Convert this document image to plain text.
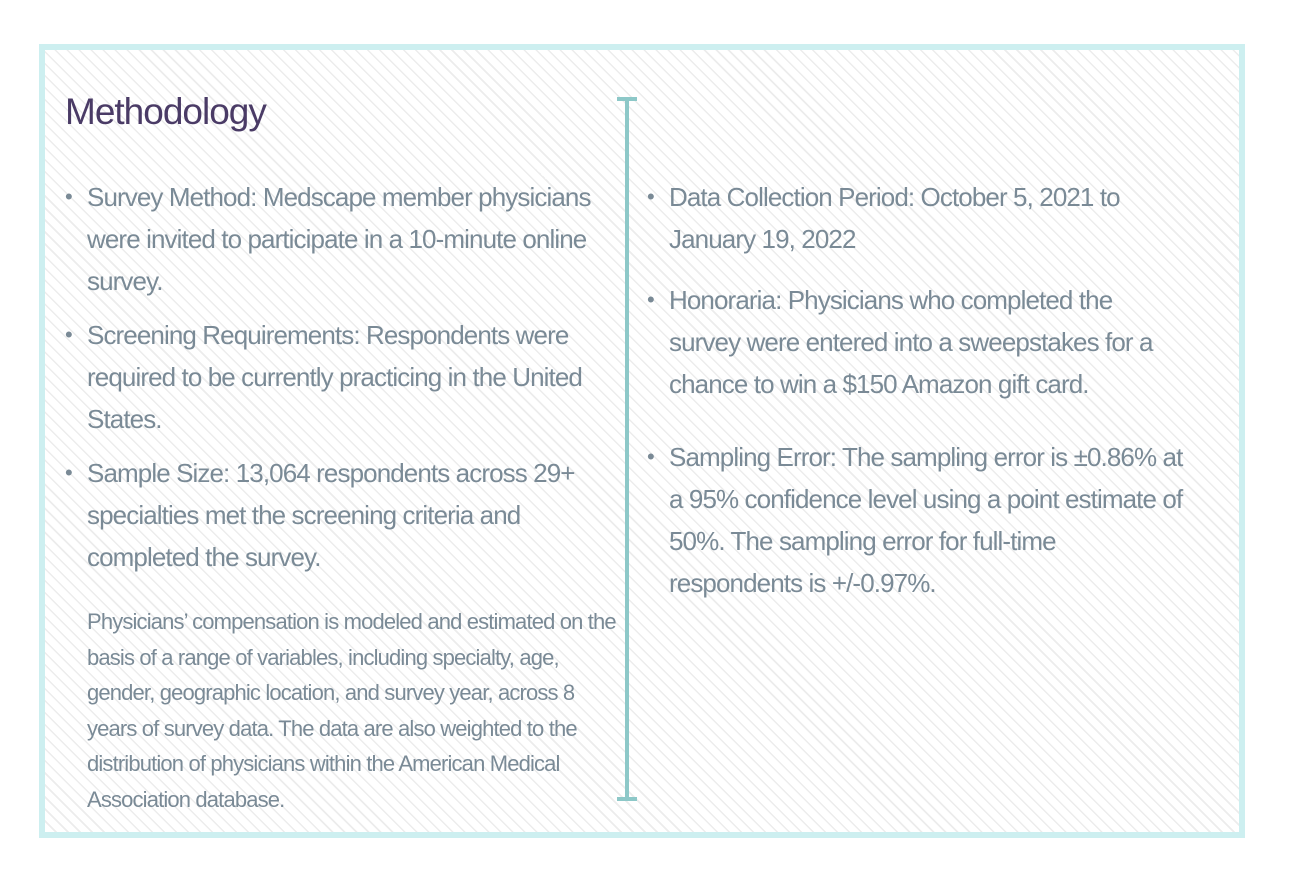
Methodology
• Survey Method: Medscape member physicians were invited to participate in a 10-minute online survey.
• Screening Requirements: Respondents were required to be currently practicing in the United States.
• Sample Size: 13,064 respondents across 29+ specialties met the screening criteria and completed the survey.

Physicians’ compensation is modeled and estimated on the basis of a range of variables, including specialty, age, gender, geographic location, and survey year, across 8 years of survey data. The data are also weighted to the distribution of physicians within the American Medical Association database.

• Data Collection Period: October 5, 2021 to January 19, 2022
• Honoraria: Physicians who completed the survey were entered into a sweepstakes for a chance to win a $150 Amazon gift card.
• Sampling Error: The sampling error is ±0.86% at a 95% confidence level using a point estimate of 50%. The sampling error for full-time respondents is +/-0.97%.
